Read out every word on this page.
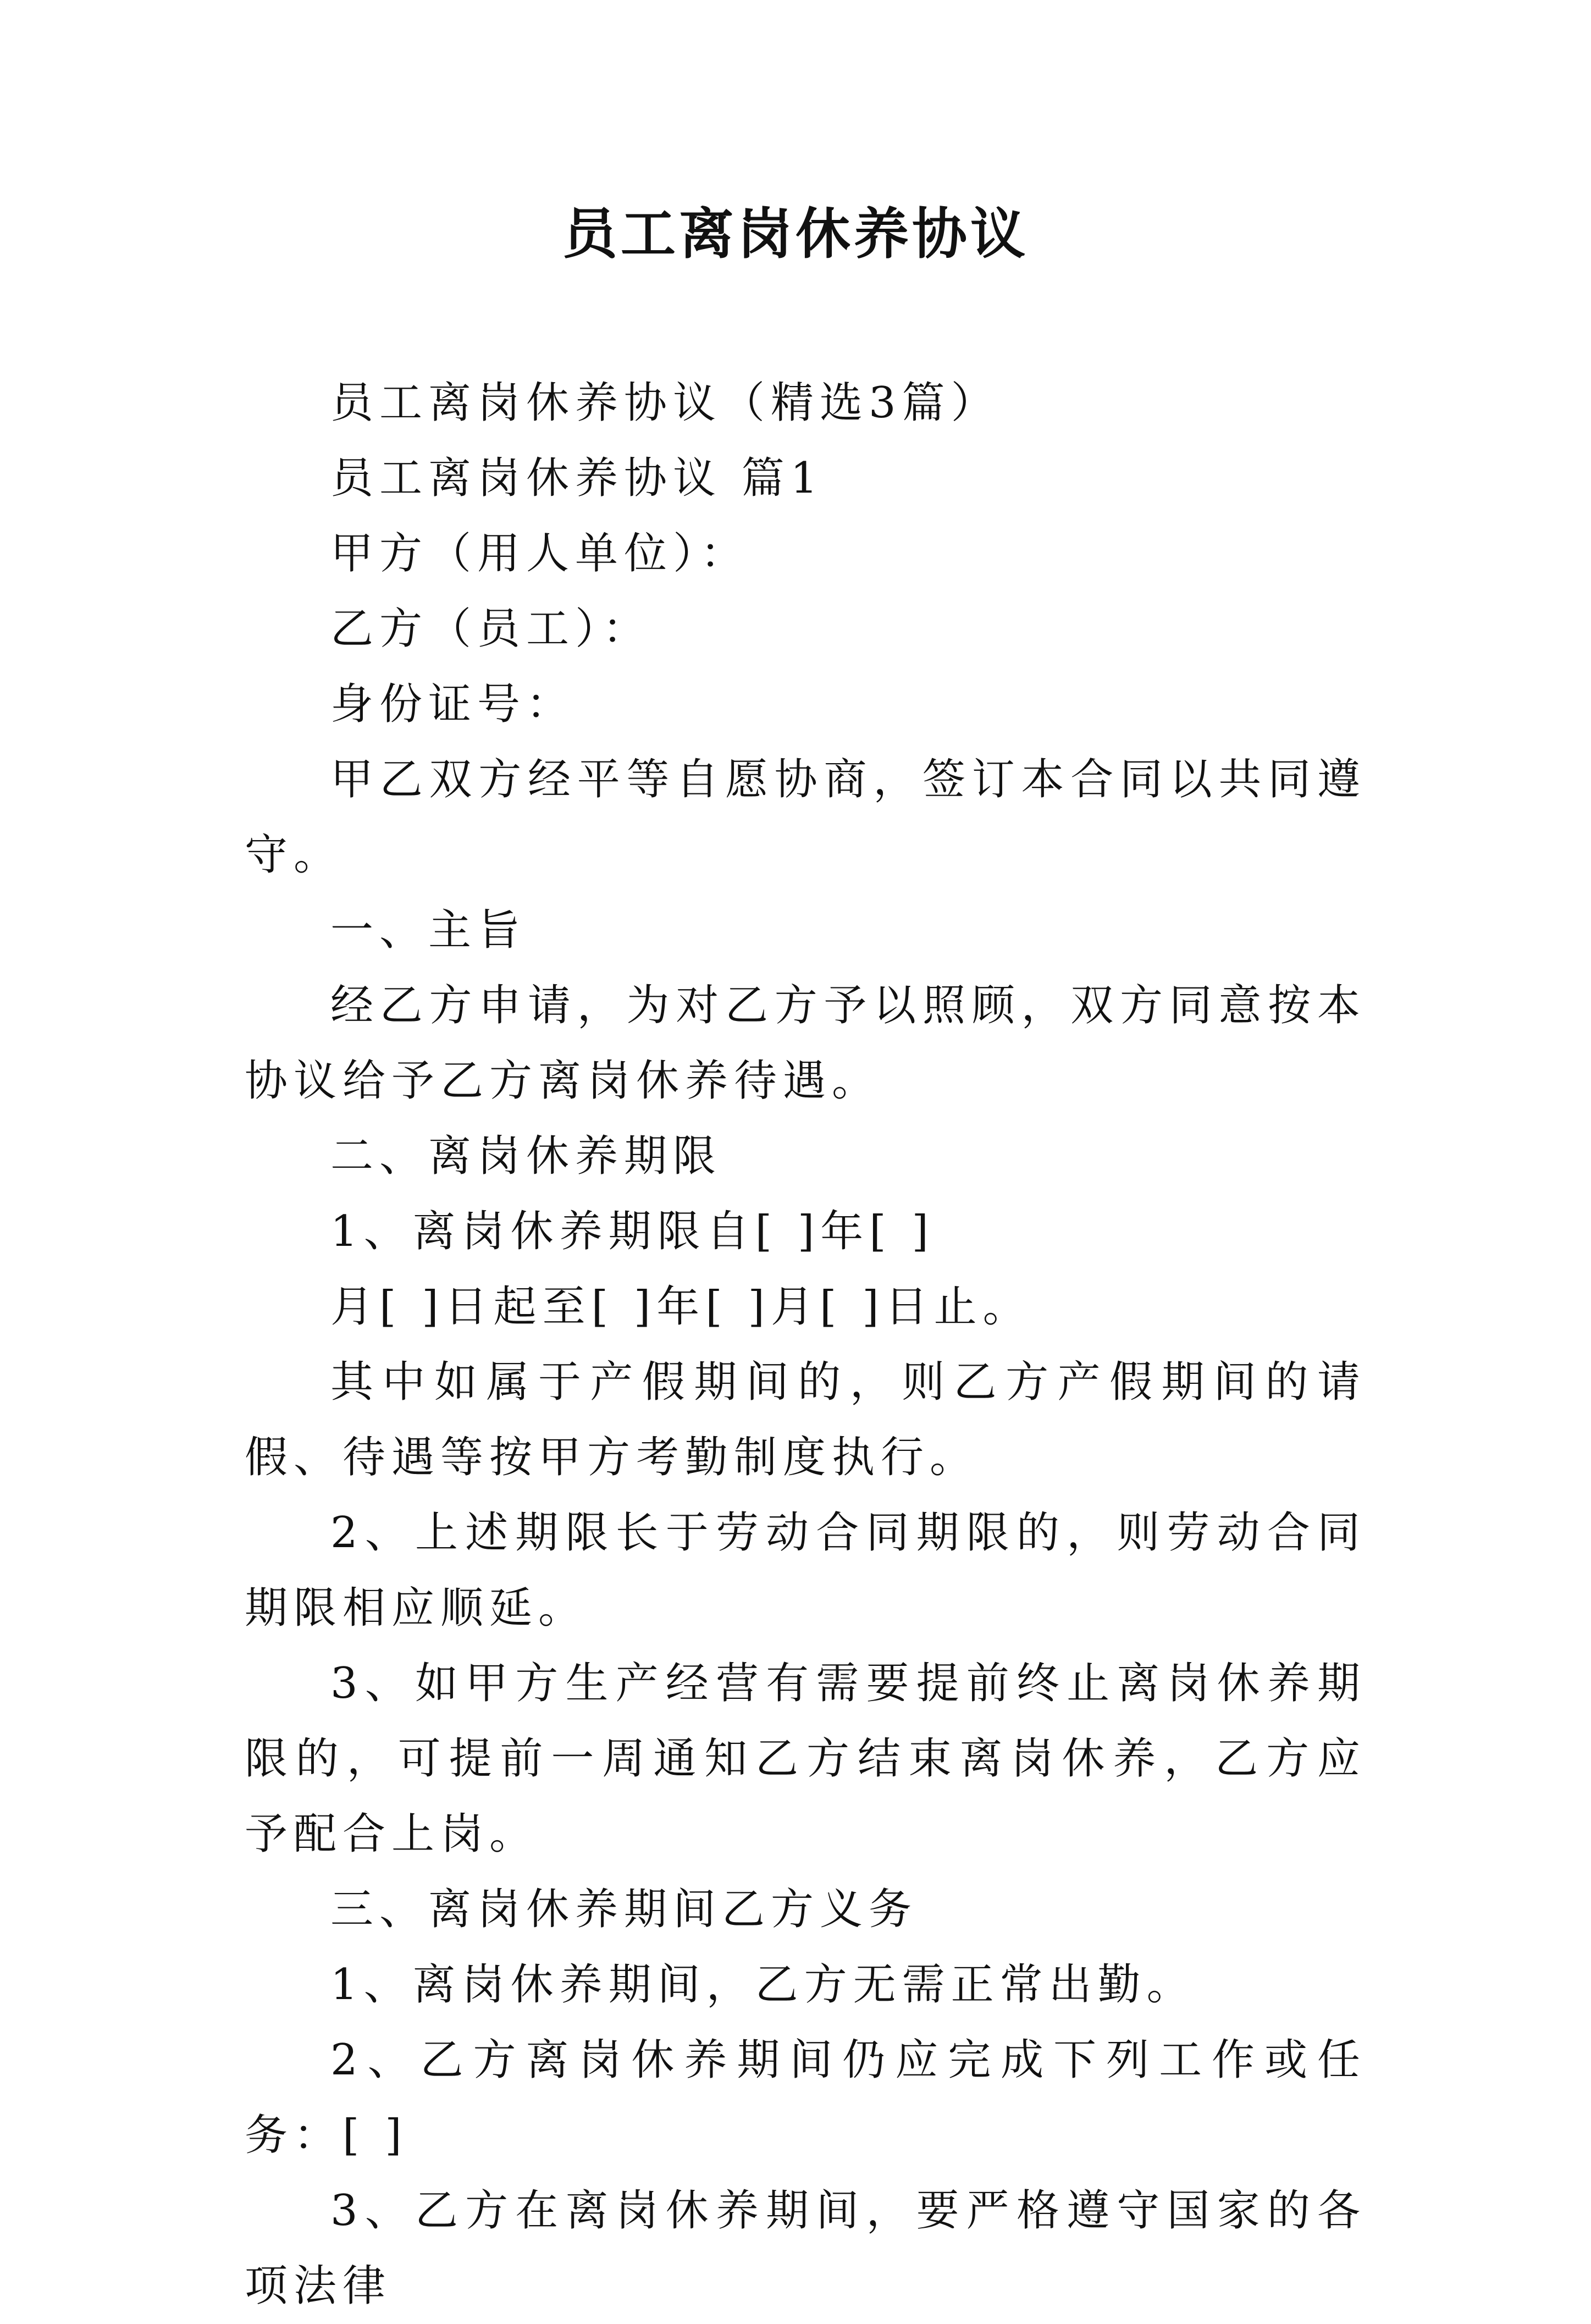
员工离岗休养协议

员工离岗休养协议（精选3篇）

员工离岗休养协议 篇1

甲方（用人单位）：

乙方（员工）：

身份证号：

甲乙双方经平等自愿协商，签订本合同以共同遵守。

一、主旨

经乙方申请，为对乙方予以照顾，双方同意按本协议给予乙方离岗休养待遇。

二、离岗休养期限

1、离岗休养期限自[ ]年[ ]

月[ ]日起至[ ]年[ ]月[ ]日止。

其中如属于产假期间的，则乙方产假期间的请假、待遇等按甲方考勤制度执行。

2、上述期限长于劳动合同期限的，则劳动合同期限相应顺延。

3、如甲方生产经营有需要提前终止离岗休养期限的，可提前一周通知乙方结束离岗休养，乙方应予配合上岗。

三、离岗休养期间乙方义务

1、离岗休养期间，乙方无需正常出勤。

2、乙方离岗休养期间仍应完成下列工作或任务：[ ]

3、乙方在离岗休养期间，要严格遵守国家的各项法律
